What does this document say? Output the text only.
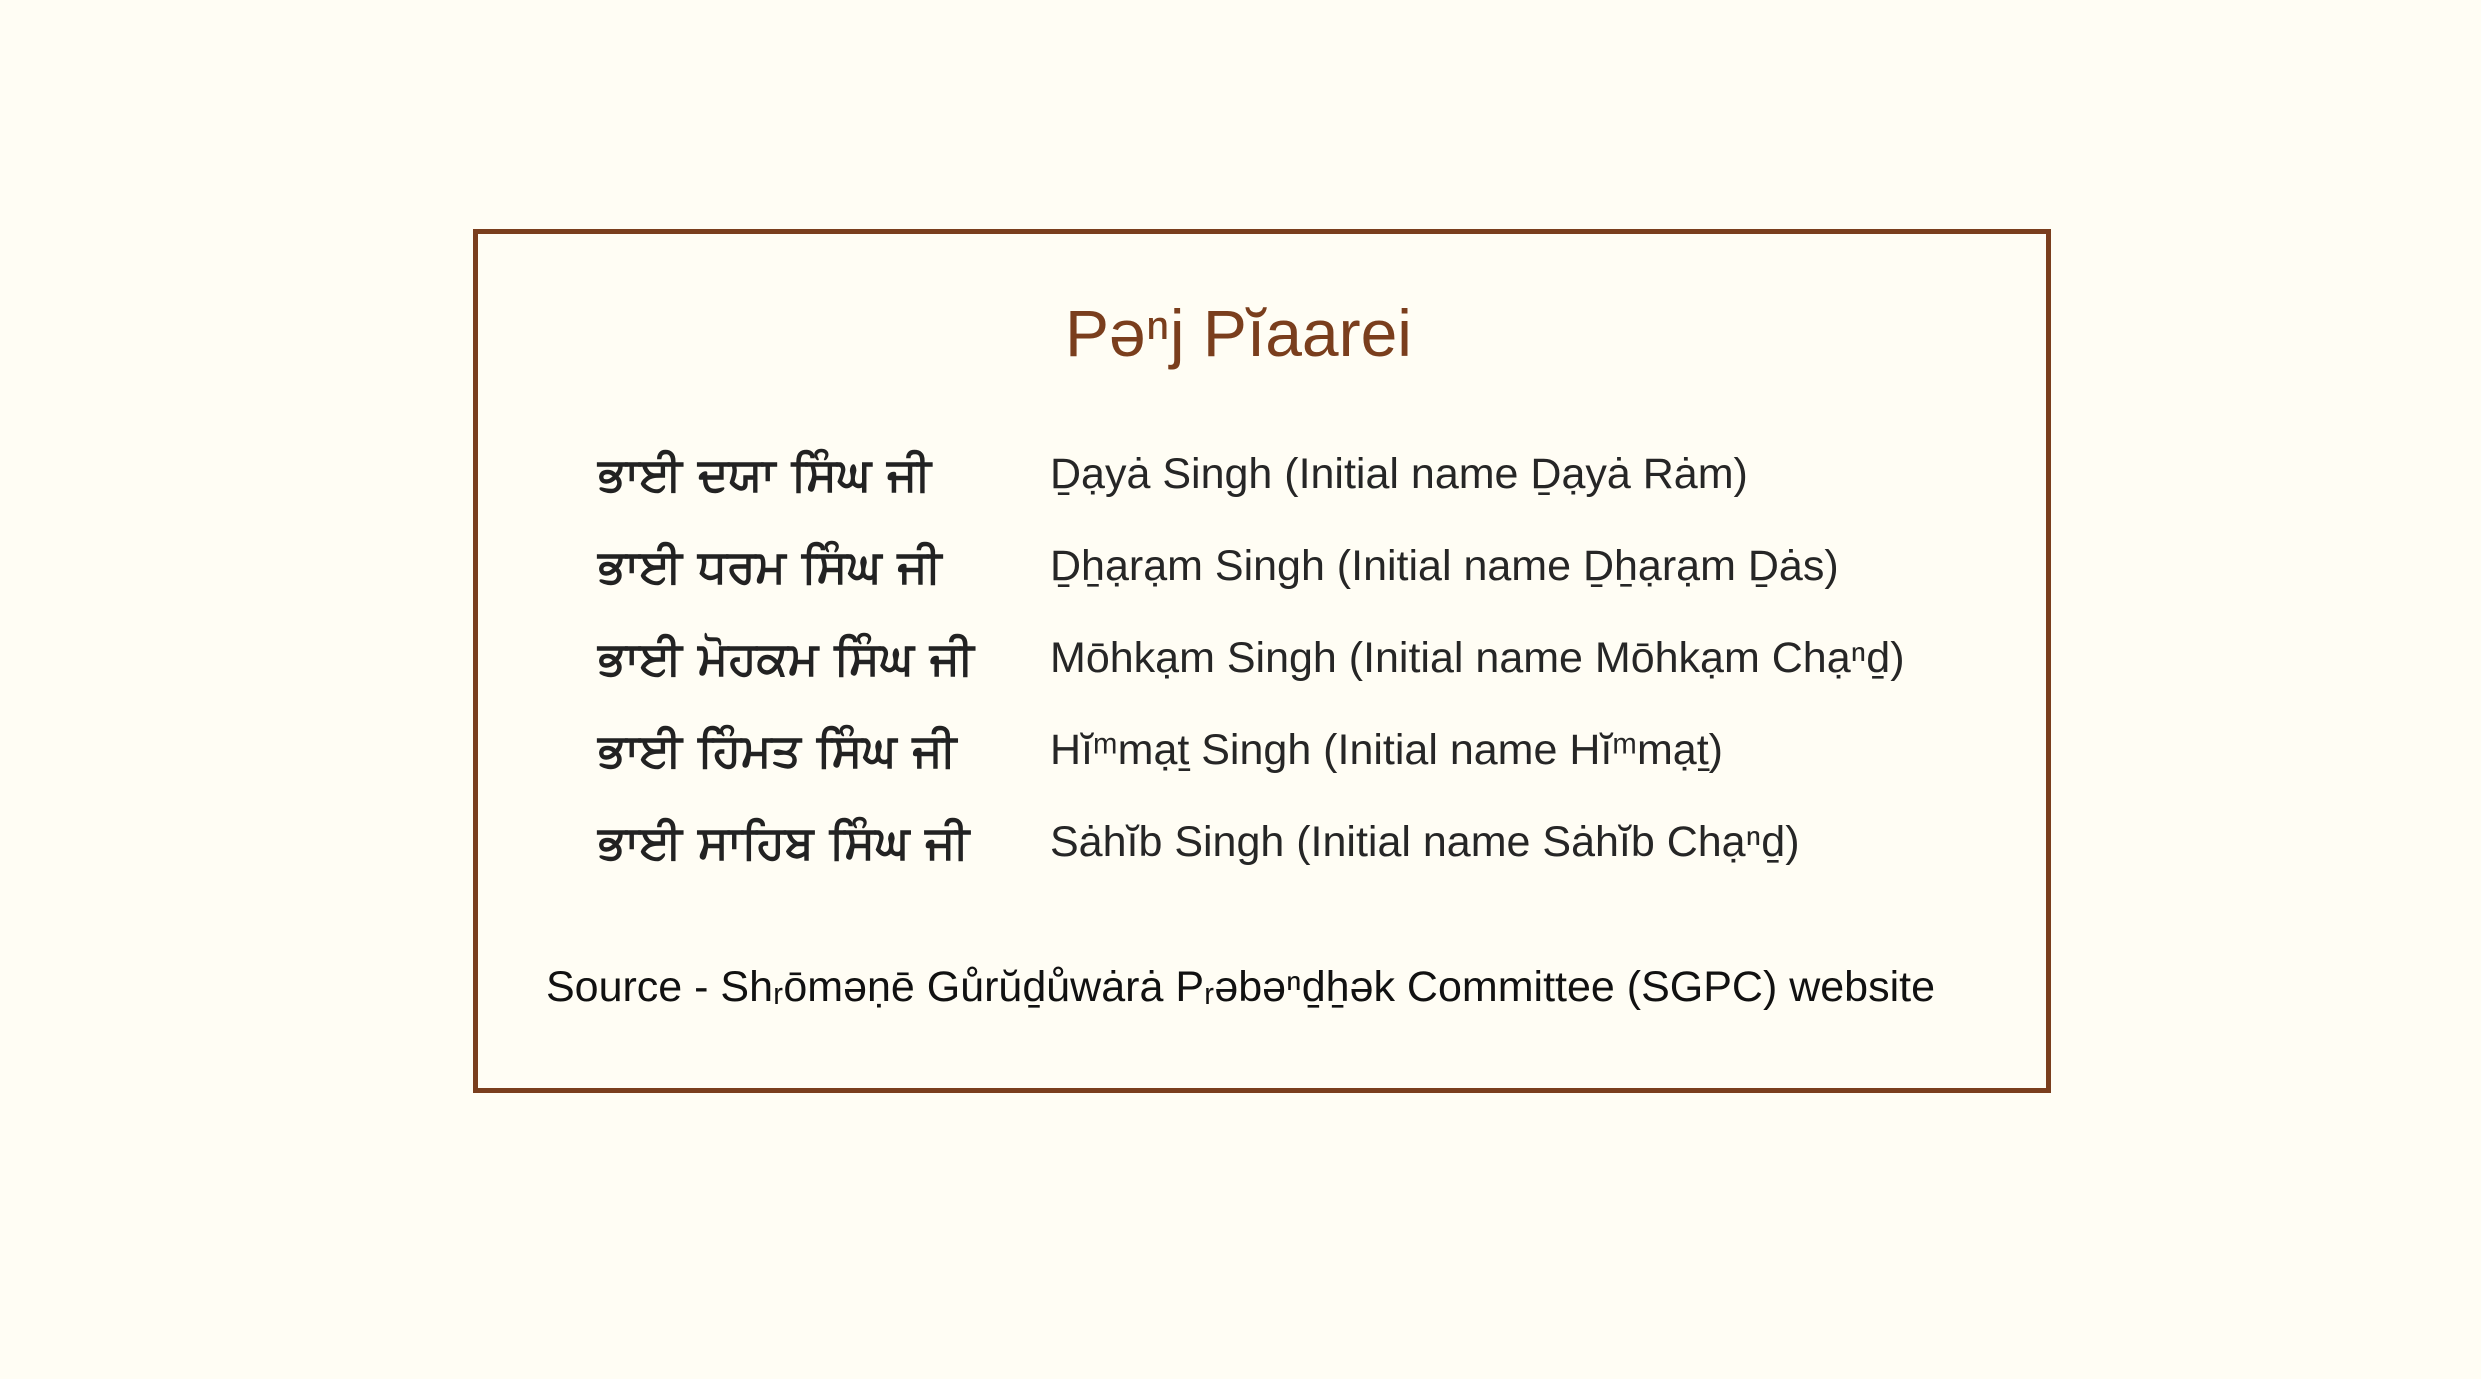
Pəⁿj Pĭaarei
ਭਾਈ ਦਯਾ ਸਿੰਘ ਜੀ	Ḏạyȧ Singh (Initial name Ḏạyȧ Rȧm)
ਭਾਈ ਧਰਮ ਸਿੰਘ ਜੀ	Ḏẖạrạm Singh (Initial name Ḏẖạrạm Ḏȧs)
ਭਾਈ ਮੋਹਕਮ ਸਿੰਘ ਜੀ Mōhkạm Singh (Initial name Mōhkạm Chạⁿḏ)
ਭਾਈ ਹਿੰਮਤ ਸਿੰਘ ਜੀ Hĭᵐmạṯ Singh (Initial name Hĭᵐmạṯ)
ਭਾਈ ਸਾਹਿਬ ਸਿੰਘ ਜੀ Sȧhĭb Singh (Initial name Sȧhĭb Chạⁿḏ)
Source - Shᵣōməṇē Gůrŭḏůwȧrȧ Pᵣəbəⁿḏẖək Committee (SGPC) website
